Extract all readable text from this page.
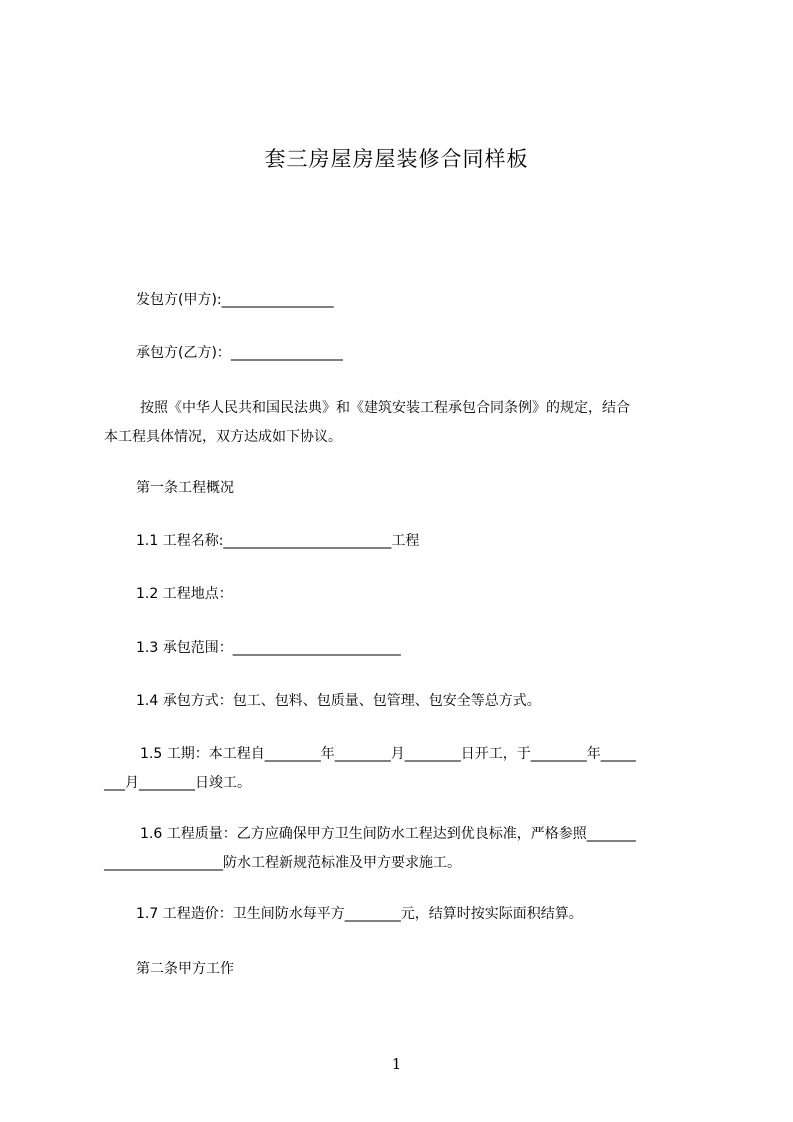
套三房屋房屋装修合同样板
发包方(甲方):________________
承包方(乙方)：________________
按照《中华人民共和国民法典》和《建筑安装工程承包合同条例》的规定，结合
本工程具体情况，双方达成如下协议。
第一条工程概况
1.1 工程名称:________________________工程
1.2 工程地点：
1.3 承包范围：________________________
1.4 承包方式：包工、包料、包质量、包管理、包安全等总方式。
1.5 工期：本工程自________年________月________日开工，于________年_____
___月________日竣工。
1.6 工程质量：乙方应确保甲方卫生间防水工程达到优良标准，严格参照_______
_________________防水工程新规范标准及甲方要求施工。
1.7 工程造价：卫生间防水每平方________元，结算时按实际面积结算。
第二条甲方工作
1
